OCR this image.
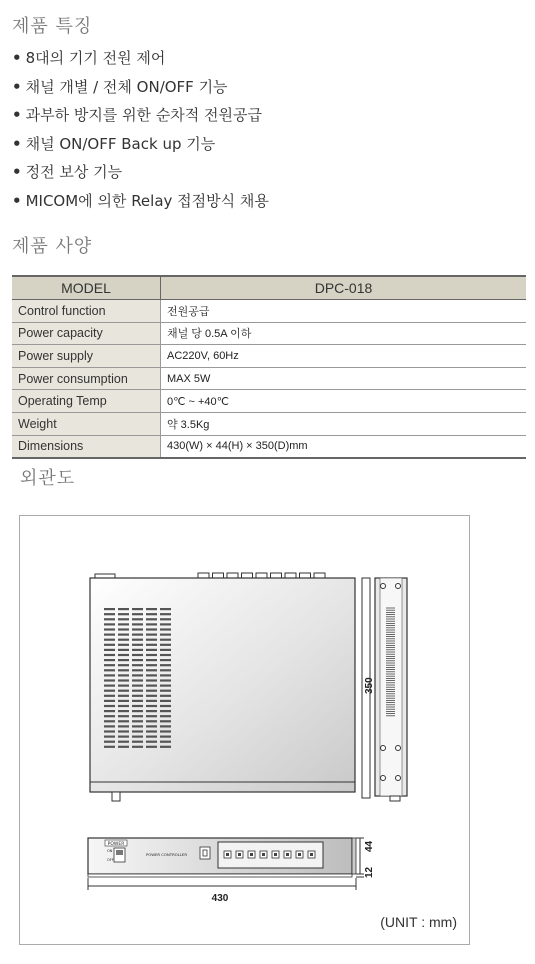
제품 특징
• 8대의 기기 전원 제어
• 채널 개별 / 전체 ON/OFF 기능
• 과부하 방지를 위한 순차적 전원공급
• 채널 ON/OFF Back up 기능
• 정전 보상 기능
• MICOM에 의한 Relay 접점방식 채용
제품 사양
MODEL	DPC-018
Control function	전원공급
Power capacity	채널 당 0.5A 이하
Power supply	AC220V, 60Hz
Power consumption	MAX 5W
Operating Temp	0℃ ~ +40℃
Weight	약 3.5Kg
Dimensions	430(W) × 44(H) × 350(D)mm
외관도
350
POWER
ON
OFF
POWER CONTROLLER
44
12
430
(UNIT : mm)
